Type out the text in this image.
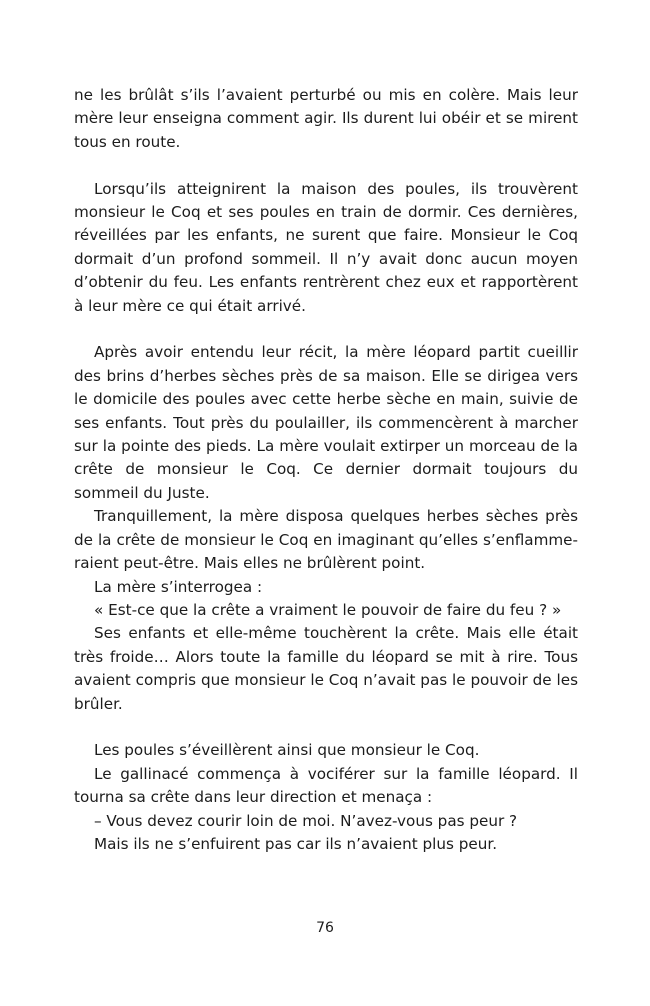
ne les brûlât s’ils l’avaient perturbé ou mis en colère. Mais leur mère leur enseigna comment agir. Ils durent lui obéir et se mirent tous en route.

Lorsqu’ils atteignirent la maison des poules, ils trouvèrent monsieur le Coq et ses poules en train de dormir. Ces dernières, réveillées par les enfants, ne surent que faire. Monsieur le Coq dormait d’un profond sommeil. Il n’y avait donc aucun moyen d’obtenir du feu. Les enfants rentrèrent chez eux et rapportèrent à leur mère ce qui était arrivé.

Après avoir entendu leur récit, la mère léopard partit cueillir des brins d’herbes sèches près de sa maison. Elle se dirigea vers le domicile des poules avec cette herbe sèche en main, suivie de ses enfants. Tout près du poulailler, ils commencèrent à marcher sur la pointe des pieds. La mère voulait extirper un morceau de la crête de monsieur le Coq. Ce dernier dormait toujours du sommeil du Juste.

Tranquillement, la mère disposa quelques herbes sèches près de la crête de monsieur le Coq en imaginant qu’elles s’enflammeraient peut-être. Mais elles ne brûlèrent point.

La mère s’interrogea :

« Est-ce que la crête a vraiment le pouvoir de faire du feu ? »

Ses enfants et elle-même touchèrent la crête. Mais elle était très froide… Alors toute la famille du léopard se mit à rire. Tous avaient compris que monsieur le Coq n’avait pas le pouvoir de les brûler.

Les poules s’éveillèrent ainsi que monsieur le Coq.

Le gallinacé commença à vociférer sur la famille léopard. Il tourna sa crête dans leur direction et menaça :

– Vous devez courir loin de moi. N’avez-vous pas peur ?

Mais ils ne s’enfuirent pas car ils n’avaient plus peur.

76
